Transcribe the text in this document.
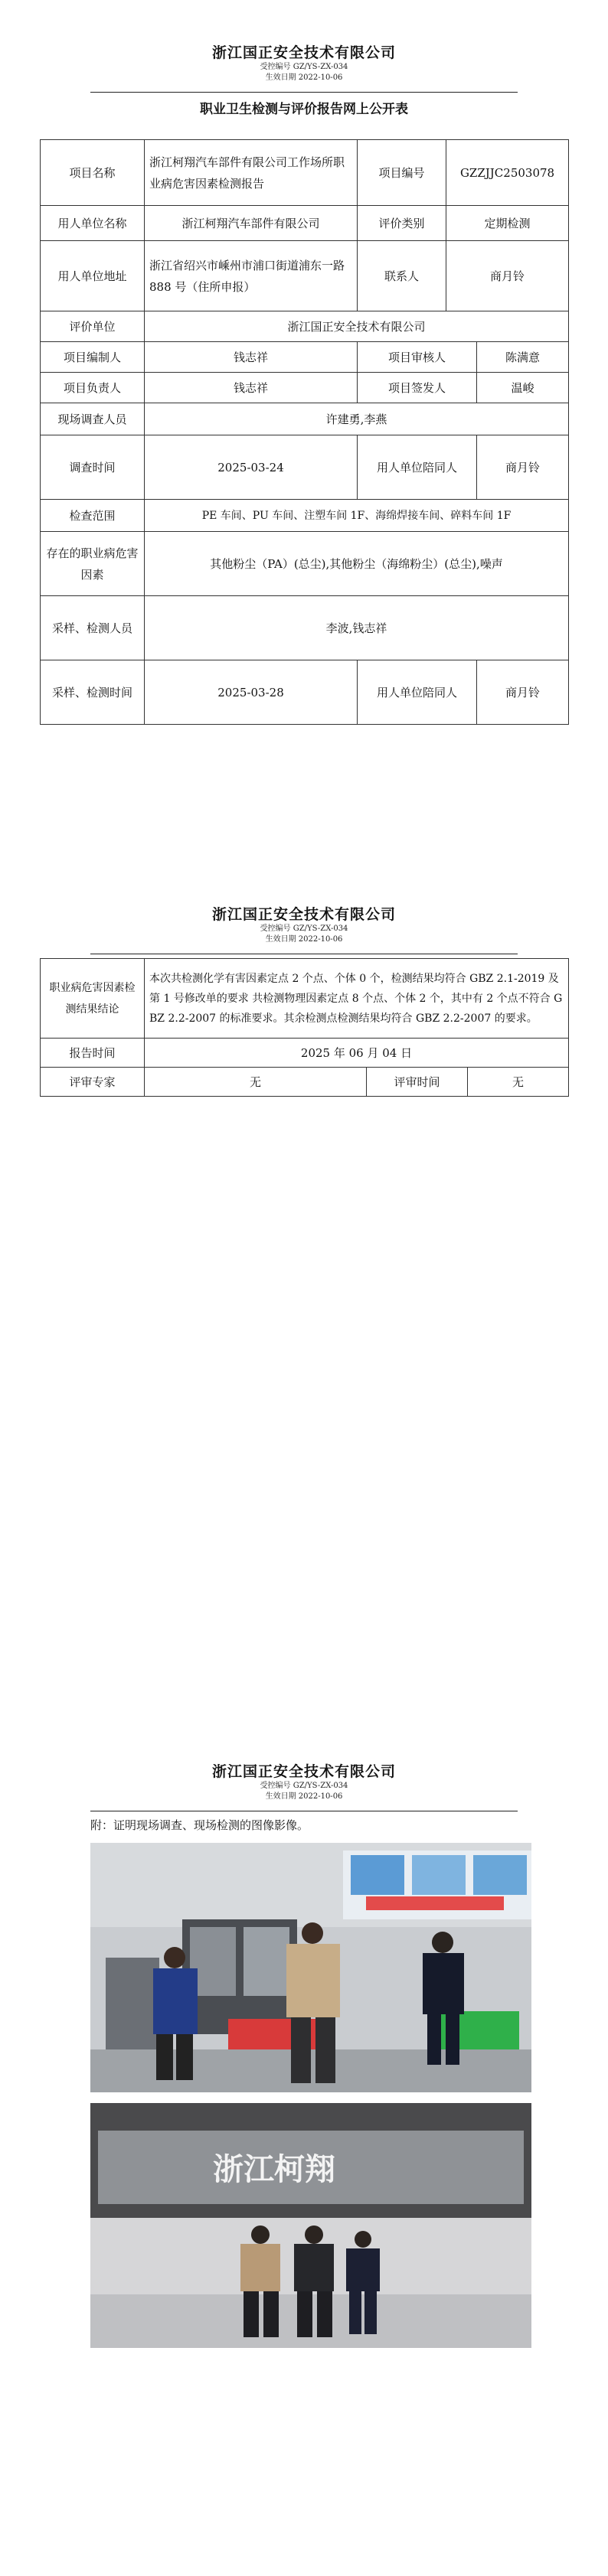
浙江国正安全技术有限公司
受控编号 GZ/YS-ZX-034
生效日期 2022-10-06
职业卫生检测与评价报告网上公开表
项目名称	浙江柯翔汽车部件有限公司工作场所职业病危害因素检测报告	项目编号	GZZJJC2503078	
用人单位名称	浙江柯翔汽车部件有限公司	评价类别	定期检测	
用人单位地址	浙江省绍兴市嵊州市浦口街道浦东一路 888 号（住所申报）	联系人	商月铃	
评价单位	浙江国正安全技术有限公司			
项目编制人	钱志祥	项目审核人		陈满意
项目负责人	钱志祥	项目签发人		温峻
现场调查人员	许建勇,李燕			
调查时间	2025-03-24	用人单位陪同人		商月铃
检查范围	PE 车间、PU 车间、注塑车间 1F、海绵焊接车间、碎料车间 1F			
存在的职业病危害因素	其他粉尘（PA）(总尘),其他粉尘（海绵粉尘）(总尘),噪声			
采样、检测人员	李波,钱志祥			
采样、检测时间	2025-03-28	用人单位陪同人		商月铃
浙江国正安全技术有限公司
受控编号 GZ/YS-ZX-034
生效日期 2022-10-06
职业病危害因素检测结果结论	本次共检测化学有害因素定点 2 个点、个体 0 个，检测结果均符合 GBZ 2.1-2019 及第 1 号修改单的要求 共检测物理因素定点 8 个点、个体 2 个，其中有 2 个点不符合 GBZ 2.2-2007 的标准要求。其余检测点检测结果均符合 GBZ 2.2-2007 的要求。		
报告时间	2025 年 06 月 04 日		
评审专家	无	评审时间	无
浙江国正安全技术有限公司
受控编号 GZ/YS-ZX-034
生效日期 2022-10-06
附：证明现场调查、现场检测的图像影像。
浙江柯翔
